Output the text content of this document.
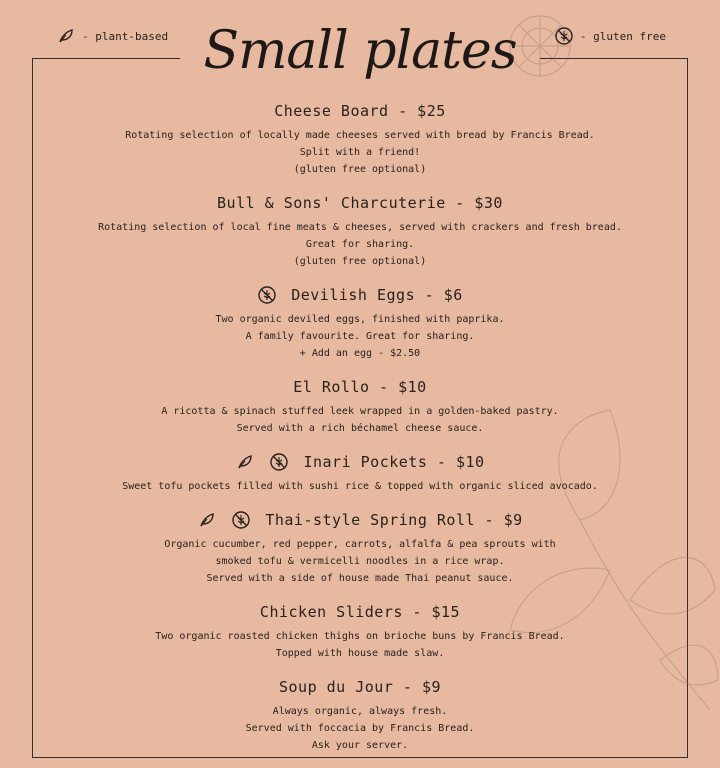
- plant-based	- gluten free
Small plates
Cheese Board - $25
Rotating selection of locally made cheeses served with bread by Francis Bread.
Split with a friend!
(gluten free optional)
Bull & Sons' Charcuterie - $30
Rotating selection of local fine meats & cheeses, served with crackers and fresh bread.
Great for sharing.
(gluten free optional)
Devilish Eggs - $6
Two organic deviled eggs, finished with paprika.
A family favourite. Great for sharing.
+ Add an egg - $2.50
El Rollo - $10
A ricotta & spinach stuffed leek wrapped in a golden-baked pastry.
Served with a rich béchamel cheese sauce.
Inari Pockets - $10
Sweet tofu pockets filled with sushi rice & topped with organic sliced avocado.
Thai-style Spring Roll - $9
Organic cucumber, red pepper, carrots, alfalfa & pea sprouts with
smoked tofu & vermicelli noodles in a rice wrap.
Served with a side of house made Thai peanut sauce.
Chicken Sliders - $15
Two organic roasted chicken thighs on brioche buns by Francis Bread.
Topped with house made slaw.
Soup du Jour - $9
Always organic, always fresh.
Served with foccacia by Francis Bread.
Ask your server.
